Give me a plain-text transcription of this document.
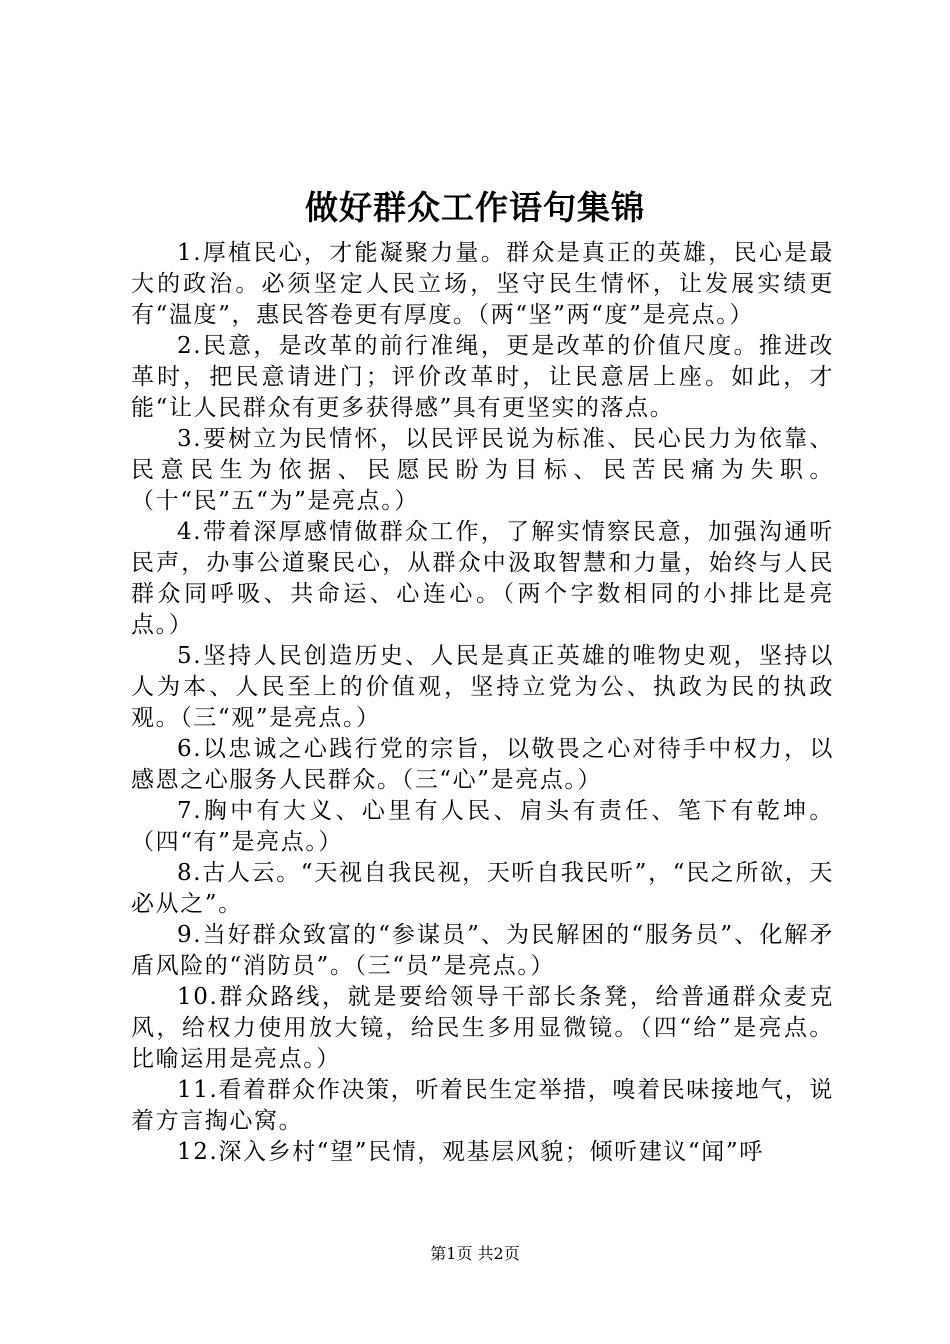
做好群众工作语句集锦

1.厚植民心，才能凝聚力量。群众是真正的英雄，民心是最大的政治。必须坚定人民立场，坚守民生情怀，让发展实绩更有“温度”，惠民答卷更有厚度。（两“坚”两“度”是亮点。）

2.民意，是改革的前行准绳，更是改革的价值尺度。推进改革时，把民意请进门；评价改革时，让民意居上座。如此，才能“让人民群众有更多获得感”具有更坚实的落点。

3.要树立为民情怀，以民评民说为标准、民心民力为依靠、民意民生为依据、民愿民盼为目标、民苦民痛为失职。（十“民”五“为”是亮点。）

4.带着深厚感情做群众工作，了解实情察民意，加强沟通听民声，办事公道聚民心，从群众中汲取智慧和力量，始终与人民群众同呼吸、共命运、心连心。（两个字数相同的小排比是亮点。）

5.坚持人民创造历史、人民是真正英雄的唯物史观，坚持以人为本、人民至上的价值观，坚持立党为公、执政为民的执政观。（三“观”是亮点。）

6.以忠诚之心践行党的宗旨，以敬畏之心对待手中权力，以感恩之心服务人民群众。（三“心”是亮点。）

7.胸中有大义、心里有人民、肩头有责任、笔下有乾坤。（四“有”是亮点。）

8.古人云。“天视自我民视，天听自我民听”，“民之所欲，天必从之”。

9.当好群众致富的“参谋员”、为民解困的“服务员”、化解矛盾风险的“消防员”。（三“员”是亮点。）

10.群众路线，就是要给领导干部长条凳，给普通群众麦克风，给权力使用放大镜，给民生多用显微镜。（四“给”是亮点。比喻运用是亮点。）

11.看着群众作决策，听着民生定举措，嗅着民味接地气，说着方言掏心窝。

12.深入乡村“望”民情，观基层风貌；倾听建议“闻”呼

第1页 共2页
